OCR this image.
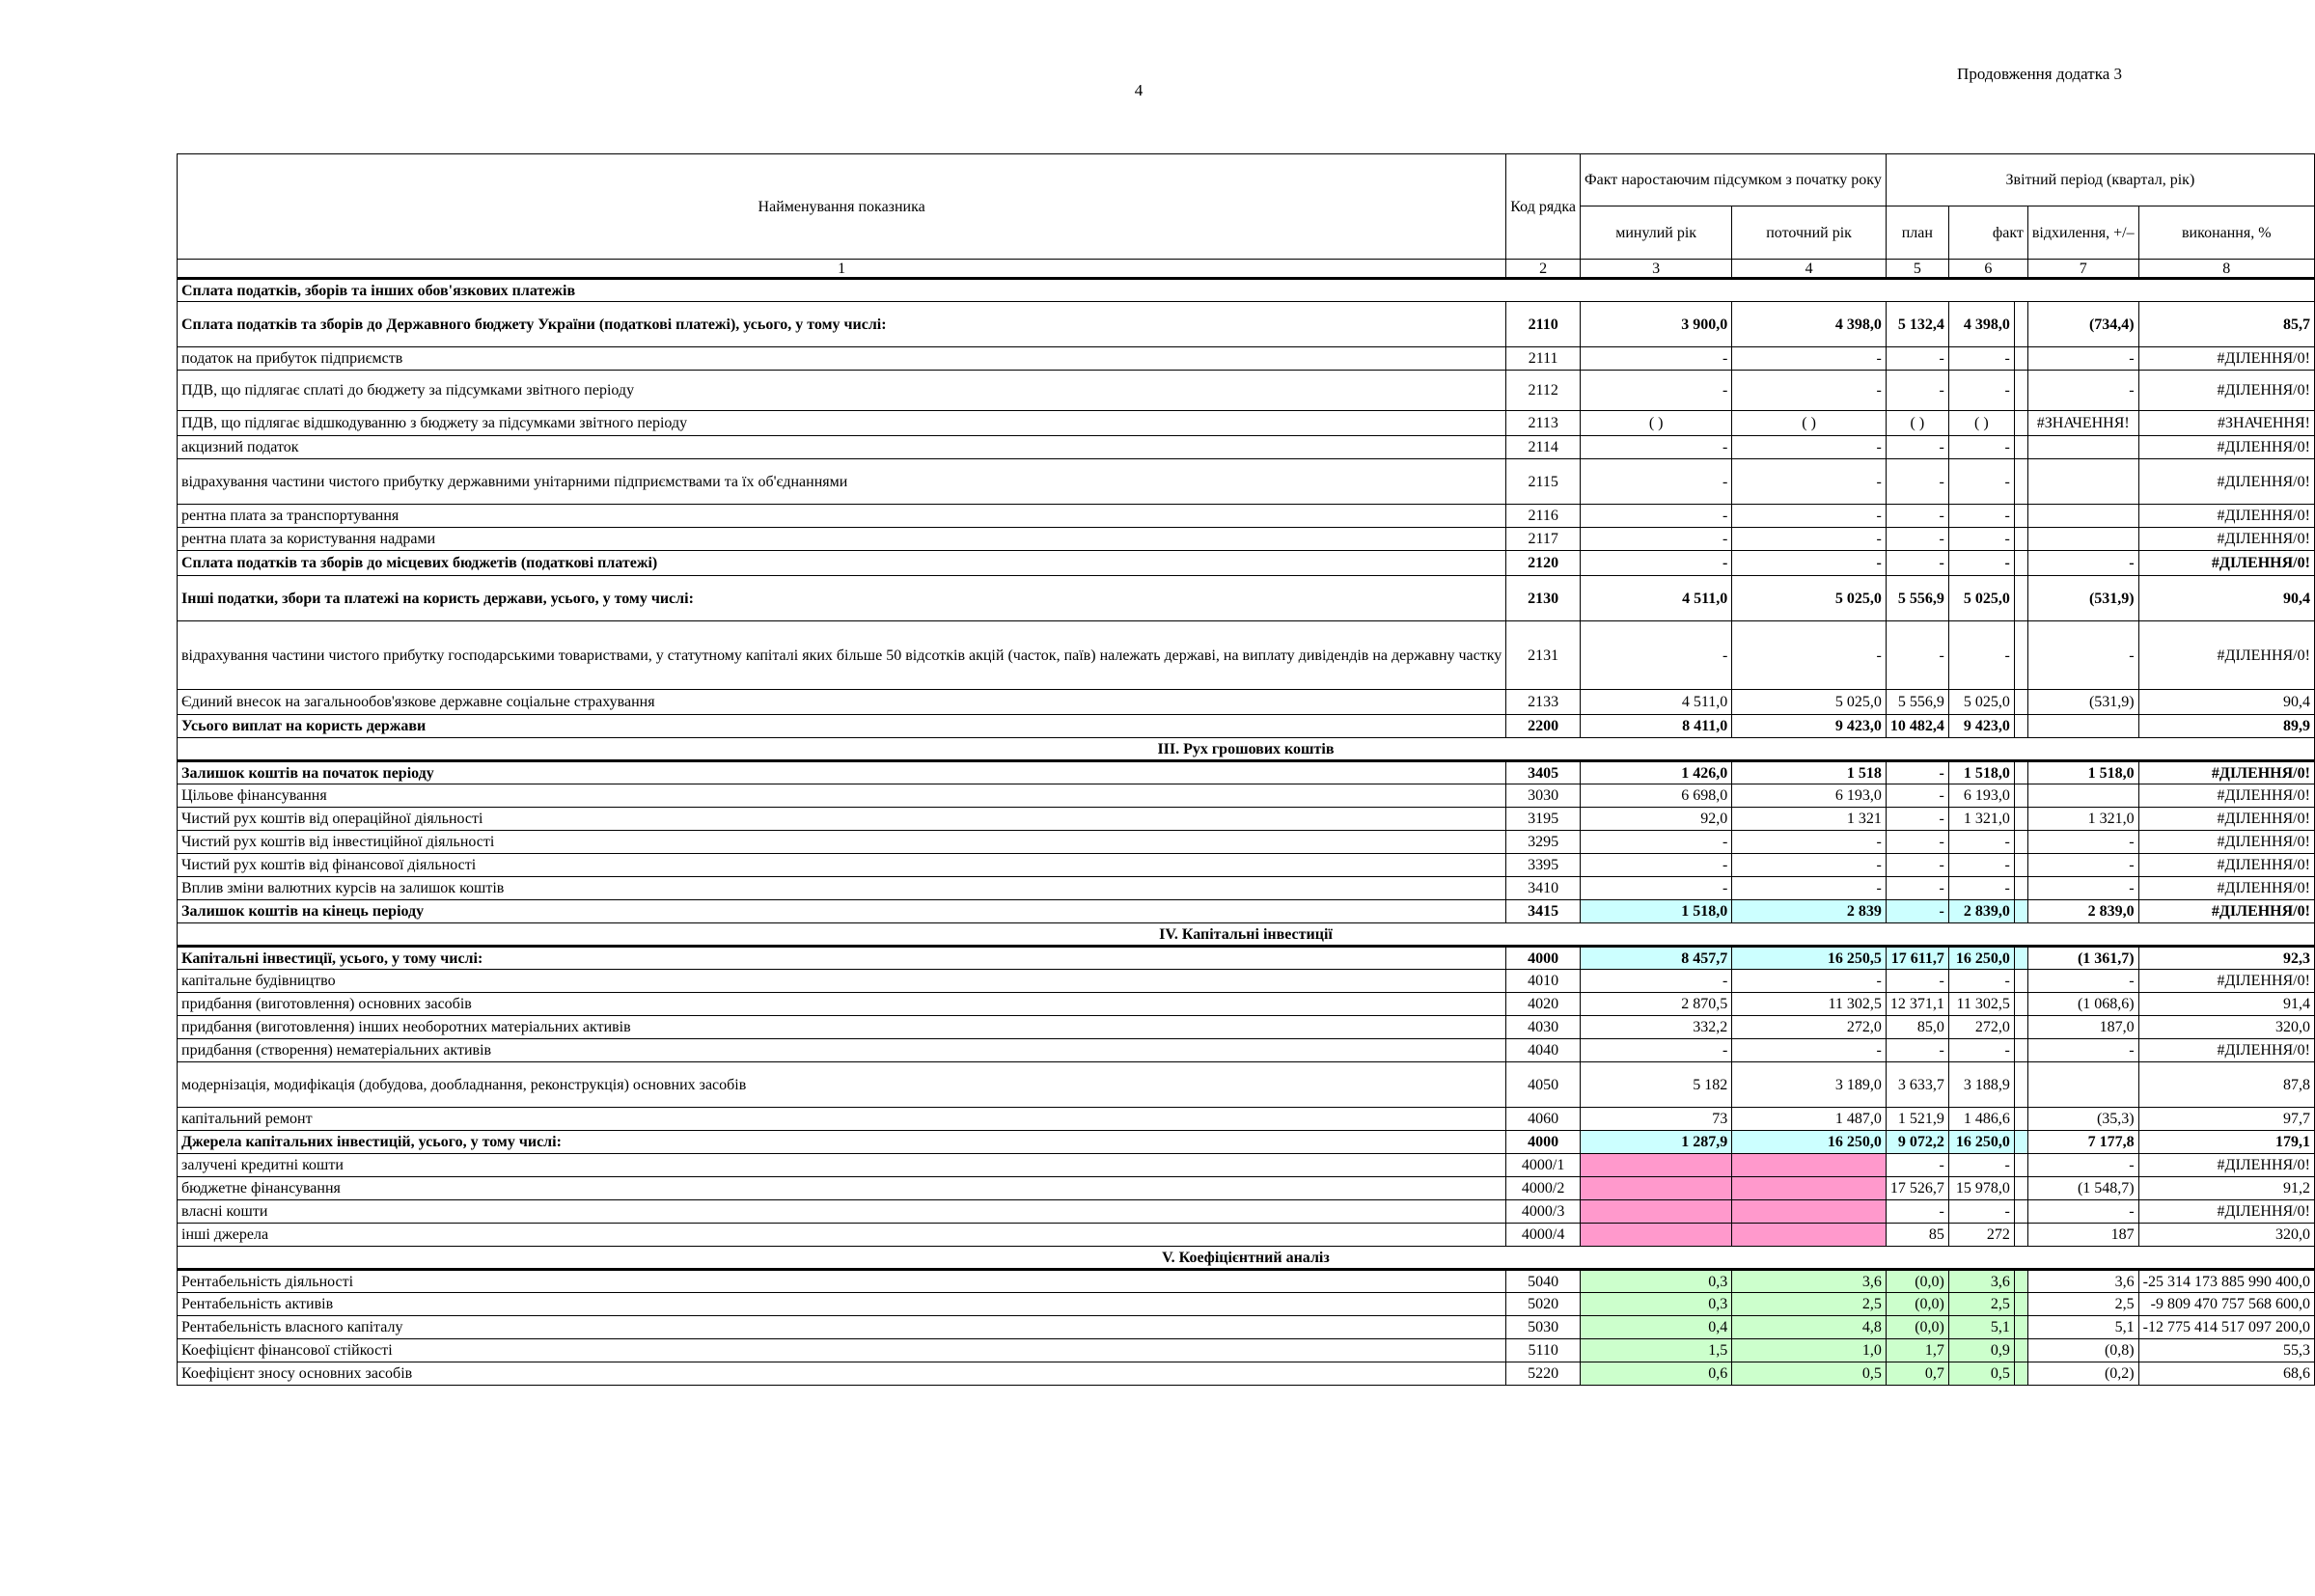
Продовження додатка 3
4
Найменування показника	Код рядка	Факт наростаючим підсумком з початку року		Звітний період (квартал, рік)				
		минулий рік	поточний рік	план	факт		відхилення, +/–	виконання, %
1	2	3	4	5	6		7	8
Сплата податків, зборів та інших обов'язкових платежів								
Сплата податків та зборів до Державного бюджету України (податкові платежі), усього, у тому числі:	2110	3 900,0	4 398,0	5 132,4	4 398,0		(734,4)	85,7
податок на прибуток підприємств	2111	-	-	-	-		-	#ДІЛЕННЯ/0!
ПДВ, що підлягає сплаті до бюджету за підсумками звітного періоду	2112	-	-	-	-		-	#ДІЛЕННЯ/0!
ПДВ, що підлягає відшкодуванню з бюджету за підсумками звітного періоду	2113	( )	( )	( )	( )		#ЗНАЧЕННЯ!	#ЗНАЧЕННЯ!
акцизний податок	2114	-	-	-	-			#ДІЛЕННЯ/0!
відрахування частини чистого прибутку державними унітарними підприємствами та їх об'єднаннями	2115	-	-	-	-			#ДІЛЕННЯ/0!
рентна плата за транспортування	2116	-	-	-	-			#ДІЛЕННЯ/0!
рентна плата за користування надрами	2117	-	-	-	-			#ДІЛЕННЯ/0!
Сплата податків та зборів до місцевих бюджетів (податкові платежі)	2120	-	-	-	-		-	#ДІЛЕННЯ/0!
Інші податки, збори та платежі на користь держави, усього, у тому числі:	2130	4 511,0	5 025,0	5 556,9	5 025,0		(531,9)	90,4
відрахування частини чистого прибутку господарськими товариствами, у статутному капіталі яких більше 50 відсотків акцій (часток, паїв) належать державі, на виплату дивідендів на державну частку	2131	-	-	-	-		-	#ДІЛЕННЯ/0!
Єдиний внесок на загальнообов'язкове державне соціальне страхування	2133	4 511,0	5 025,0	5 556,9	5 025,0		(531,9)	90,4
Усього виплат на користь держави	2200	8 411,0	9 423,0	10 482,4	9 423,0			89,9
ІІІ. Рух грошових коштів								
Залишок коштів на початок періоду	3405	1 426,0	1 518	-	1 518,0		1 518,0	#ДІЛЕННЯ/0!
Цільове фінансування	3030	6 698,0	6 193,0	-	6 193,0			#ДІЛЕННЯ/0!
Чистий рух коштів від операційної діяльності	3195	92,0	1 321	-	1 321,0		1 321,0	#ДІЛЕННЯ/0!
Чистий рух коштів від інвестиційної діяльності	3295	-	-	-	-		-	#ДІЛЕННЯ/0!
Чистий рух коштів від фінансової діяльності	3395	-	-	-	-		-	#ДІЛЕННЯ/0!
Вплив зміни валютних курсів на залишок коштів	3410	-	-	-	-		-	#ДІЛЕННЯ/0!
Залишок коштів на кінець періоду	3415	1 518,0	2 839	-	2 839,0		2 839,0	#ДІЛЕННЯ/0!
IV. Капітальні інвестиції								
Капітальні інвестиції, усього, у тому числі:	4000	8 457,7	16 250,5	17 611,7	16 250,0		(1 361,7)	92,3
капітальне будівництво	4010	-	-	-	-		-	#ДІЛЕННЯ/0!
придбання (виготовлення) основних засобів	4020	2 870,5	11 302,5	12 371,1	11 302,5		(1 068,6)	91,4
придбання (виготовлення) інших необоротних матеріальних активів	4030	332,2	272,0	85,0	272,0		187,0	320,0
придбання (створення) нематеріальних активів	4040	-	-	-	-		-	#ДІЛЕННЯ/0!
модернізація, модифікація (добудова, дообладнання, реконструкція) основних засобів	4050	5 182	3 189,0	3 633,7	3 188,9			87,8
капітальний ремонт	4060	73	1 487,0	1 521,9	1 486,6		(35,3)	97,7
Джерела капітальних інвестицій, усього, у тому числі:	4000	1 287,9	16 250,0	9 072,2	16 250,0		7 177,8	179,1
залучені кредитні кошти	4000/1			-	-		-	#ДІЛЕННЯ/0!
бюджетне фінансування	4000/2			17 526,7	15 978,0		(1 548,7)	91,2
власні кошти	4000/3			-	-		-	#ДІЛЕННЯ/0!
інші джерела	4000/4			85	272		187	320,0
V. Коефіцієнтний аналіз								
Рентабельність діяльності	5040	0,3	3,6	(0,0)	3,6		3,6	-25 314 173 885 990 400,0
Рентабельність активів	5020	0,3	2,5	(0,0)	2,5		2,5	-9 809 470 757 568 600,0
Рентабельність власного капіталу	5030	0,4	4,8	(0,0)	5,1		5,1	-12 775 414 517 097 200,0
Коефіцієнт фінансової стійкості	5110	1,5	1,0	1,7	0,9		(0,8)	55,3
Коефіцієнт зносу основних засобів	5220	0,6	0,5	0,7	0,5		(0,2)	68,6
